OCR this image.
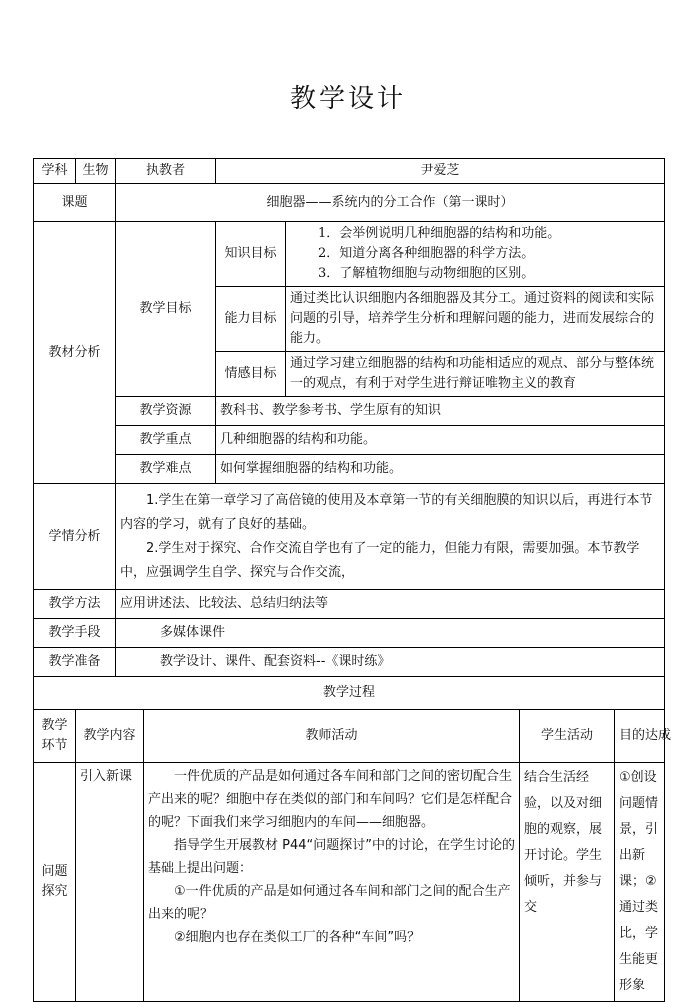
教学设计
学科	生物	执教者		尹爱芝			
课题		细胞器——系统内的分工合作（第一课时）					
教材分析		教学目标		知识目标	1．会举例说明几种细胞器的结构和功能。
2．知道分离各种细胞器的科学方法。
3．了解植物细胞与动物细胞的区别。		

				能力目标	通过类比认识细胞内各细胞器及其分工。通过资料的阅读和实际问题的引导，培养学生分析和理解问题的能力，进而发展综合的能力。		
				情感目标	通过学习建立细胞器的结构和功能相适应的观点、部分与整体统一的观点，有利于对学生进行辩证唯物主义的教育		
		教学资源		教科书、教学参考书、学生原有的知识			
		教学重点		几种细胞器的结构和功能。			
		教学难点		如何掌握细胞器的结构和功能。			
学情分析		1.学生在第一章学习了高倍镜的使用及本章第一节的有关细胞膜的知识以后，再进行本节内容的学习，就有了良好的基础。
2.学生对于探究、合作交流自学也有了一定的能力，但能力有限，需要加强。本节教学中，应强调学生自学、探究与合作交流，					

教学方法		应用讲述法、比较法、总结归纳法等					
教学手段		多媒体课件					
教学准备		教学设计、课件、配套资料--《课时练》					
教学过程							
教学环节	教学内容		教师活动			学生活动	目的达成
问题探究	引入新课		一件优质的产品是如何通过各车间和部门之间的密切配合生产出来的呢？细胞中存在类似的部门和车间吗？它们是怎样配合的呢？下面我们来学习细胞内的车间——细胞器。

指导学生开展教材 P44“问题探讨”中的讨论，在学生讨论的基础上提出问题：

①一件优质的产品是如何通过各车间和部门之间的配合生产出来的呢？

②细胞内也存在类似工厂的各种“车间”吗？			结合生活经验，以及对细胞的观察，展开讨论。学生倾听，并参与交	①创设问题情景，引出新课；②通过类比，学生能更形象
